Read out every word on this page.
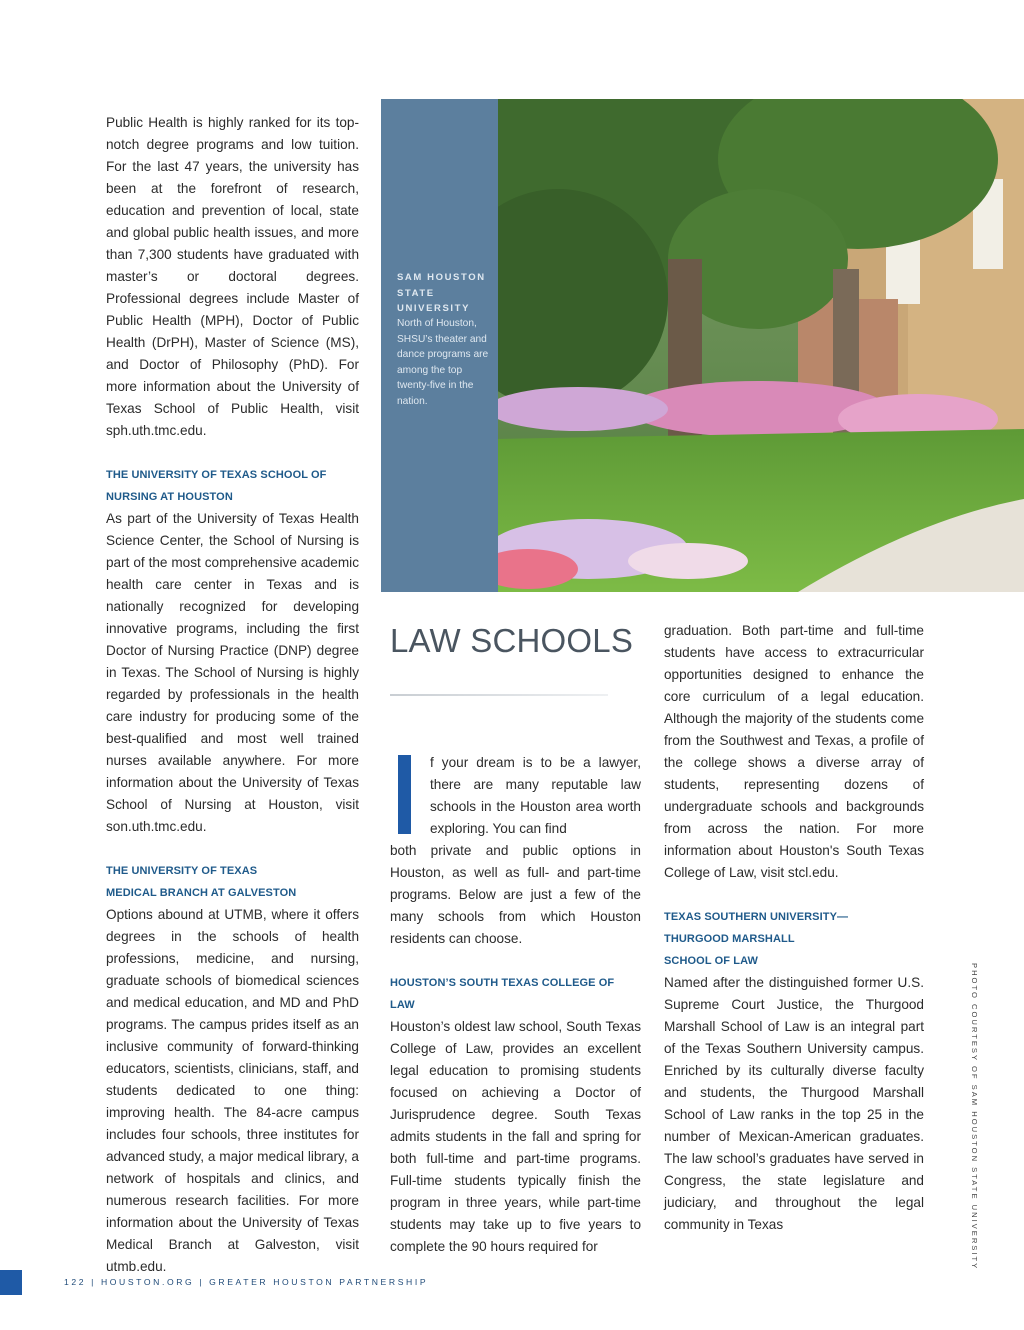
Public Health is highly ranked for its top-notch degree programs and low tuition. For the last 47 years, the university has been at the forefront of research, education and prevention of local, state and global public health issues, and more than 7,300 students have graduated with master’s or doctoral degrees. Professional degrees include Master of Public Health (MPH), Doctor of Public Health (DrPH), Master of Science (MS), and Doctor of Philosophy (PhD). For more information about the University of Texas School of Public Health, visit sph.uth.tmc.edu.

THE UNIVERSITY OF TEXAS SCHOOL OF
NURSING AT HOUSTON

As part of the University of Texas Health Science Center, the School of Nursing is part of the most comprehensive academic health care center in Texas and is nationally recognized for developing innovative programs, including the first Doctor of Nursing Practice (DNP) degree in Texas. The School of Nursing is highly regarded by professionals in the health care industry for producing some of the best-qualified and most well trained nurses available anywhere. For more information about the University of Texas School of Nursing at Houston, visit son.uth.tmc.edu.

THE UNIVERSITY OF TEXAS
MEDICAL BRANCH AT GALVESTON

Options abound at UTMB, where it offers degrees in the schools of health professions, medicine, and nursing, graduate schools of biomedical sciences and medical education, and MD and PhD programs. The campus prides itself as an inclusive community of forward-thinking educators, scientists, clinicians, staff, and students dedicated to one thing: improving health. The 84-acre campus includes four schools, three institutes for advanced study, a major medical library, a network of hospitals and clinics, and numerous research facilities. For more information about the University of Texas Medical Branch at Galveston, visit utmb.edu.

SAM HOUSTON STATE UNIVERSITY
North of Houston, SHSU’s theater and dance programs are among the top twenty-five in the nation.
LAW SCHOOLS

f your dream is to be a lawyer, there are many reputable law schools in the Houston area worth exploring. You can find

both private and public options in Houston, as well as full- and part-time programs. Below are just a few of the many schools from which Houston residents can choose.

HOUSTON’S SOUTH TEXAS COLLEGE OF LAW

Houston’s oldest law school, South Texas College of Law, provides an excellent legal education to promising students focused on achieving a Doctor of Jurisprudence degree. South Texas admits students in the fall and spring for both full-time and part-time programs. Full-time students typically finish the program in three years, while part-time students may take up to five years to complete the 90 hours required for

graduation. Both part-time and full-time students have access to extracurricular opportunities designed to enhance the core curriculum of a legal education. Although the majority of the students come from the Southwest and Texas, a profile of the college shows a diverse array of students, representing dozens of undergraduate schools and backgrounds from across the nation. For more information about Houston's South Texas College of Law, visit stcl.edu.

TEXAS SOUTHERN UNIVERSITY—
THURGOOD MARSHALL
SCHOOL OF LAW

Named after the distinguished former U.S. Supreme Court Justice, the Thurgood Marshall School of Law is an integral part of the Texas Southern University campus. Enriched by its culturally diverse faculty and students, the Thurgood Marshall School of Law ranks in the top 25 in the number of Mexican-American graduates. The law school’s graduates have served in Congress, the state legislature and judiciary, and throughout the legal community in Texas	PHOTO COURTESY OF SAM HOUSTON STATE UNIVERSITY
122 | HOUSTON.ORG | GREATER HOUSTON PARTNERSHIP
